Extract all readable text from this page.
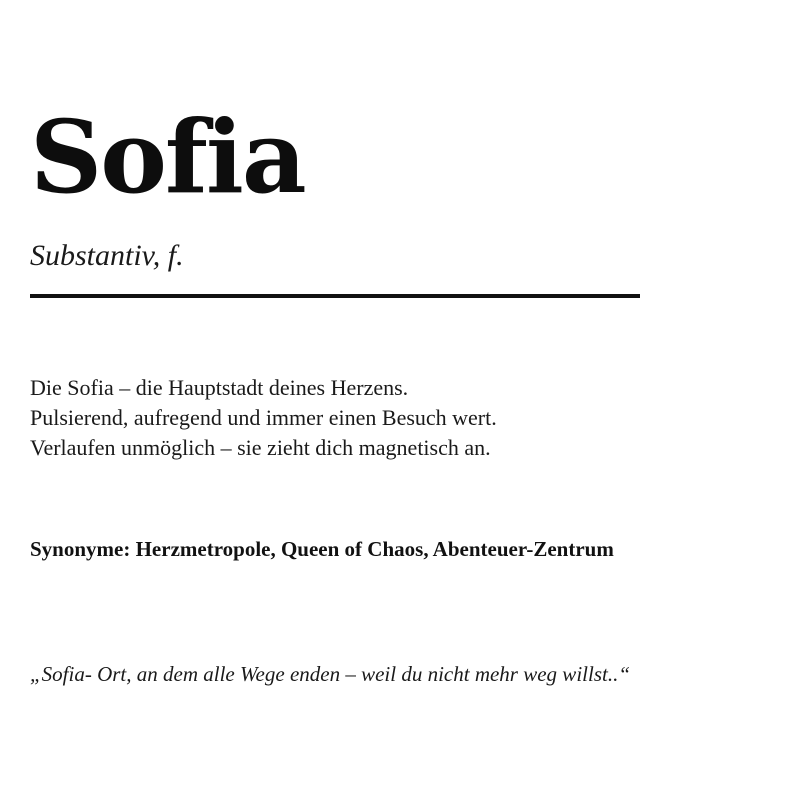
Sofia

Substantiv, f.

Die Sofia – die Hauptstadt deines Herzens.
Pulsierend, aufregend und immer einen Besuch wert.
Verlaufen unmöglich – sie zieht dich magnetisch an.

Synonyme: Herzmetropole, Queen of Chaos, Abenteuer-Zentrum

„Sofia- Ort, an dem alle Wege enden – weil du nicht mehr weg willst..“
